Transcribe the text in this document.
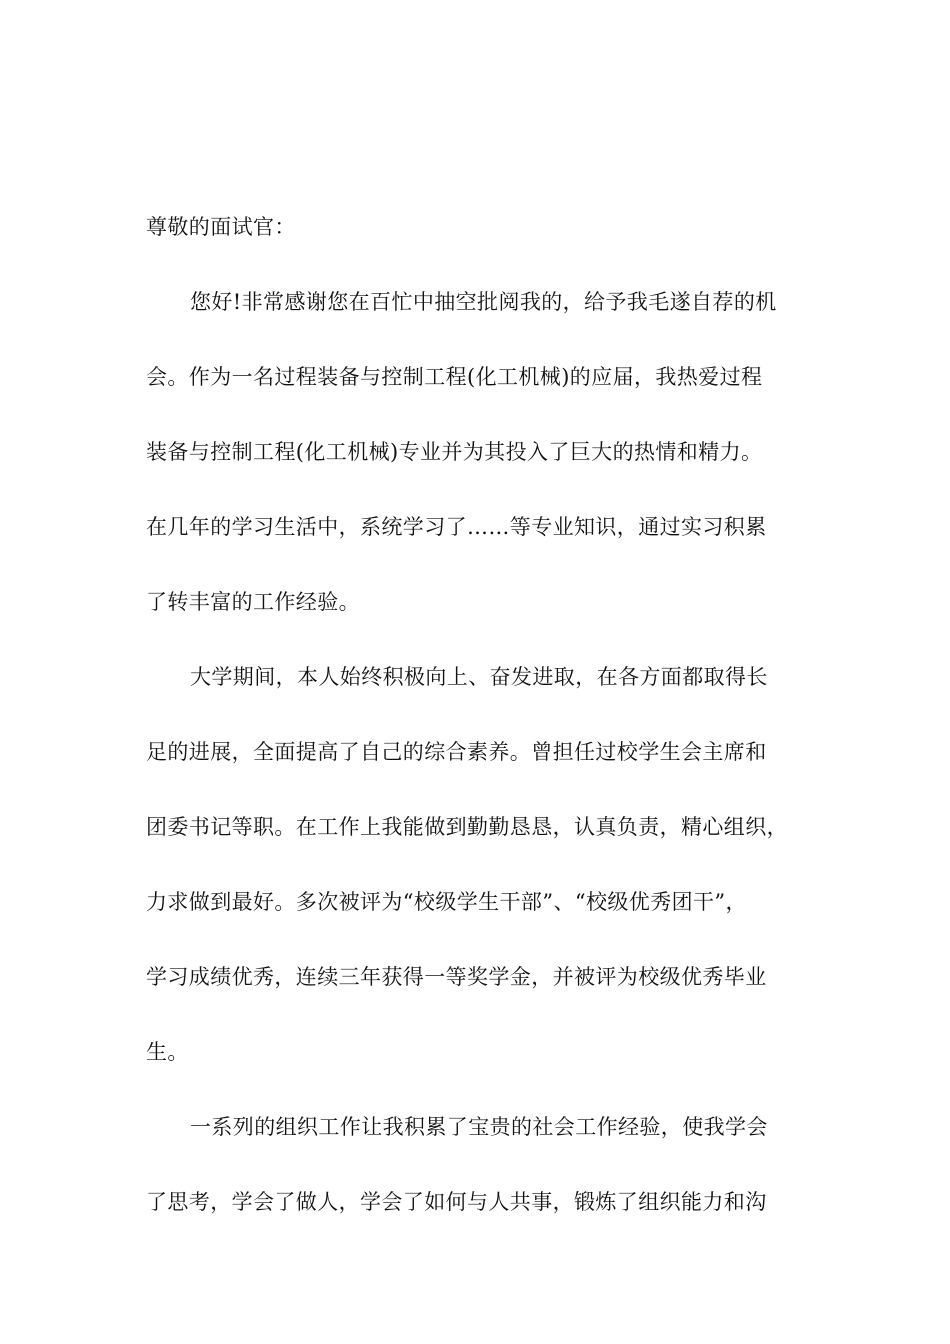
尊敬的面试官：
您好!非常感谢您在百忙中抽空批阅我的，给予我毛遂自荐的机
会。作为一名过程装备与控制工程(化工机械)的应届，我热爱过程
装备与控制工程(化工机械)专业并为其投入了巨大的热情和精力。
在几年的学习生活中，系统学习了……等专业知识，通过实习积累
了转丰富的工作经验。
大学期间，本人始终积极向上、奋发进取，在各方面都取得长
足的进展，全面提高了自己的综合素养。曾担任过校学生会主席和
团委书记等职。在工作上我能做到勤勤恳恳，认真负责，精心组织，
力求做到最好。多次被评为“校级学生干部”、“校级优秀团干”，
学习成绩优秀，连续三年获得一等奖学金，并被评为校级优秀毕业
生。
一系列的组织工作让我积累了宝贵的社会工作经验，使我学会
了思考，学会了做人，学会了如何与人共事，锻炼了组织能力和沟
